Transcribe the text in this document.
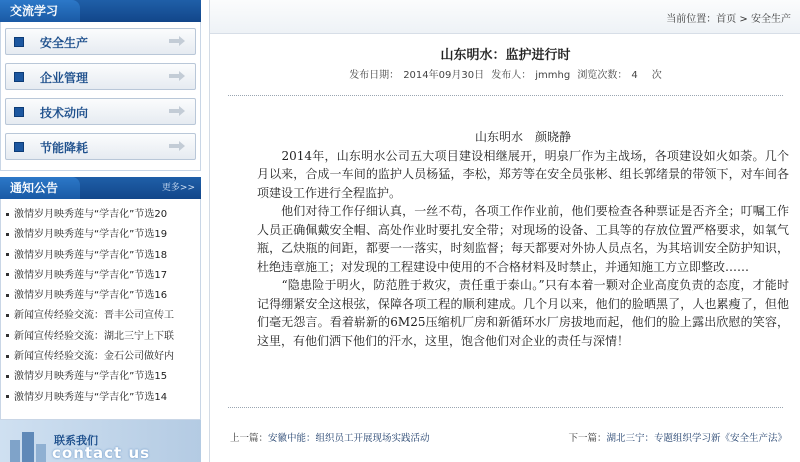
交流学习
安全生产
企业管理
技术动向
节能降耗
通知公告	更多>>
激情岁月映秀莲与“学吉化”节选20
激情岁月映秀莲与“学吉化”节选19
激情岁月映秀莲与“学吉化”节选18
激情岁月映秀莲与“学吉化”节选17
激情岁月映秀莲与“学吉化”节选16
新闻宣传经验交流：晋丰公司宣传工
新闻宣传经验交流：湖北三宁上下联
新闻宣传经验交流：金石公司做好内
激情岁月映秀莲与“学吉化”节选15
激情岁月映秀莲与“学吉化”节选14
联系我们
contact us
当前位置：首页 > 安全生产
山东明水：监护进行时
发布日期： 2014年09月30日 发布人： jmmhg 浏览次数： 4　 次
山东明水　颜晓静

　　2014年，山东明水公司五大项目建设相继展开，明泉厂作为主战场，各项建设如火如荼。几个月以来，合成一车间的监护人员杨猛，李松，郑芳等在安全员张彬、组长郭绪景的带领下，对车间各项建设工作进行全程监护。

　　他们对待工作仔细认真，一丝不苟，各项工作作业前，他们要检查各种票证是否齐全；叮嘱工作人员正确佩戴安全帽、高处作业时要扎安全带；对现场的设备、工具等的存放位置严格要求，如氧气瓶，乙炔瓶的间距，都要一一落实，时刻监督；每天都要对外协人员点名，为其培训安全防护知识，杜绝违章施工；对发现的工程建设中使用的不合格材料及时禁止，并通知施工方立即整改……

　　“隐患险于明火，防范胜于救灾，责任重于泰山。”只有本着一颗对企业高度负责的态度，才能时记得绷紧安全这根弦，保障各项工程的顺利建成。几个月以来，他们的脸晒黑了，人也累瘦了，但他们毫无怨言。看着崭新的6M25压缩机厂房和新循环水厂房拔地而起，他们的脸上露出欣慰的笑容，这里，有他们洒下他们的汗水，这里，饱含他们对企业的责任与深情！

上一篇：安徽中能：组织员工开展现场实践活动	下一篇：湖北三宁：专题组织学习新《安全生产法》
